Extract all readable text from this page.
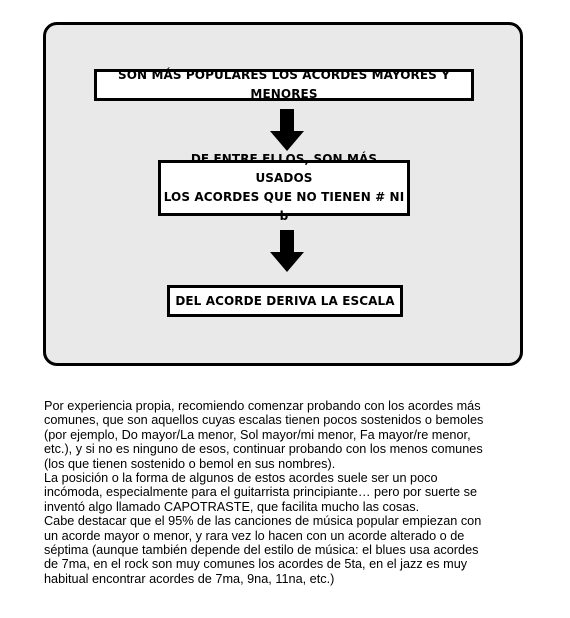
SON MÁS POPULARES LOS ACORDES MAYORES Y MENORES
DE ENTRE ELLOS, SON MÁS USADOS
LOS ACORDES QUE NO TIENEN # NI b
DEL ACORDE DERIVA LA ESCALA

Por experiencia propia, recomiendo comenzar probando con los acordes más
comunes, que son aquellos cuyas escalas tienen pocos sostenidos o bemoles
(por ejemplo, Do mayor/La menor, Sol mayor/mi menor, Fa mayor/re menor,
etc.), y si no es ninguno de esos, continuar probando con los menos comunes
(los que tienen sostenido o bemol en sus nombres).

La posición o la forma de algunos de estos acordes suele ser un poco
incómoda, especialmente para el guitarrista principiante… pero por suerte se
inventó algo llamado CAPOTRASTE, que facilita mucho las cosas.

Cabe destacar que el 95% de las canciones de música popular empiezan con
un acorde mayor o menor, y rara vez lo hacen con un acorde alterado o de
séptima (aunque también depende del estilo de música: el blues usa acordes
de 7ma, en el rock son muy comunes los acordes de 5ta, en el jazz es muy
habitual encontrar acordes de 7ma, 9na, 11na, etc.)
